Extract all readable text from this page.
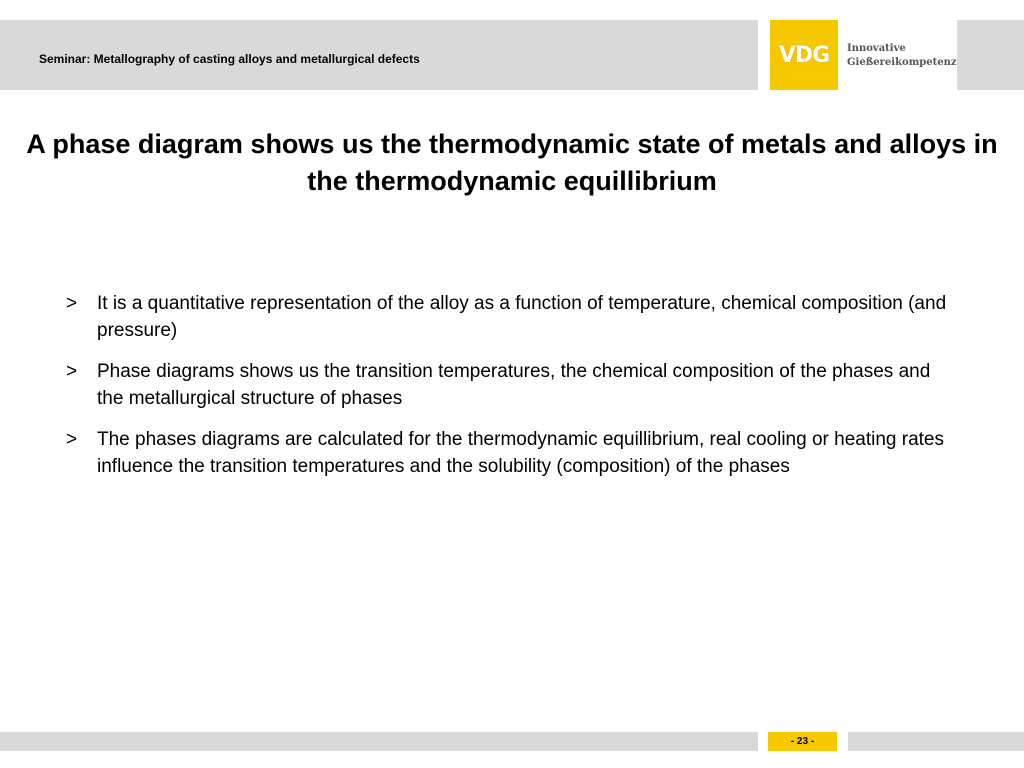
Seminar: Metallography of casting alloys and metallurgical defects	VDG	Innovative
Gießereikompetenz
A phase diagram shows us the thermodynamic state of metals and alloys in the thermodynamic equillibrium
> It is a quantitative representation of the alloy as a function of temperature, chemical composition (and pressure)
> Phase diagrams shows us the transition temperatures, the chemical composition of the phases and the metallurgical structure of phases
> The phases diagrams are calculated for the thermodynamic equillibrium, real cooling or heating rates influence the transition temperatures and the solubility (composition) of the phases
- 23 -
